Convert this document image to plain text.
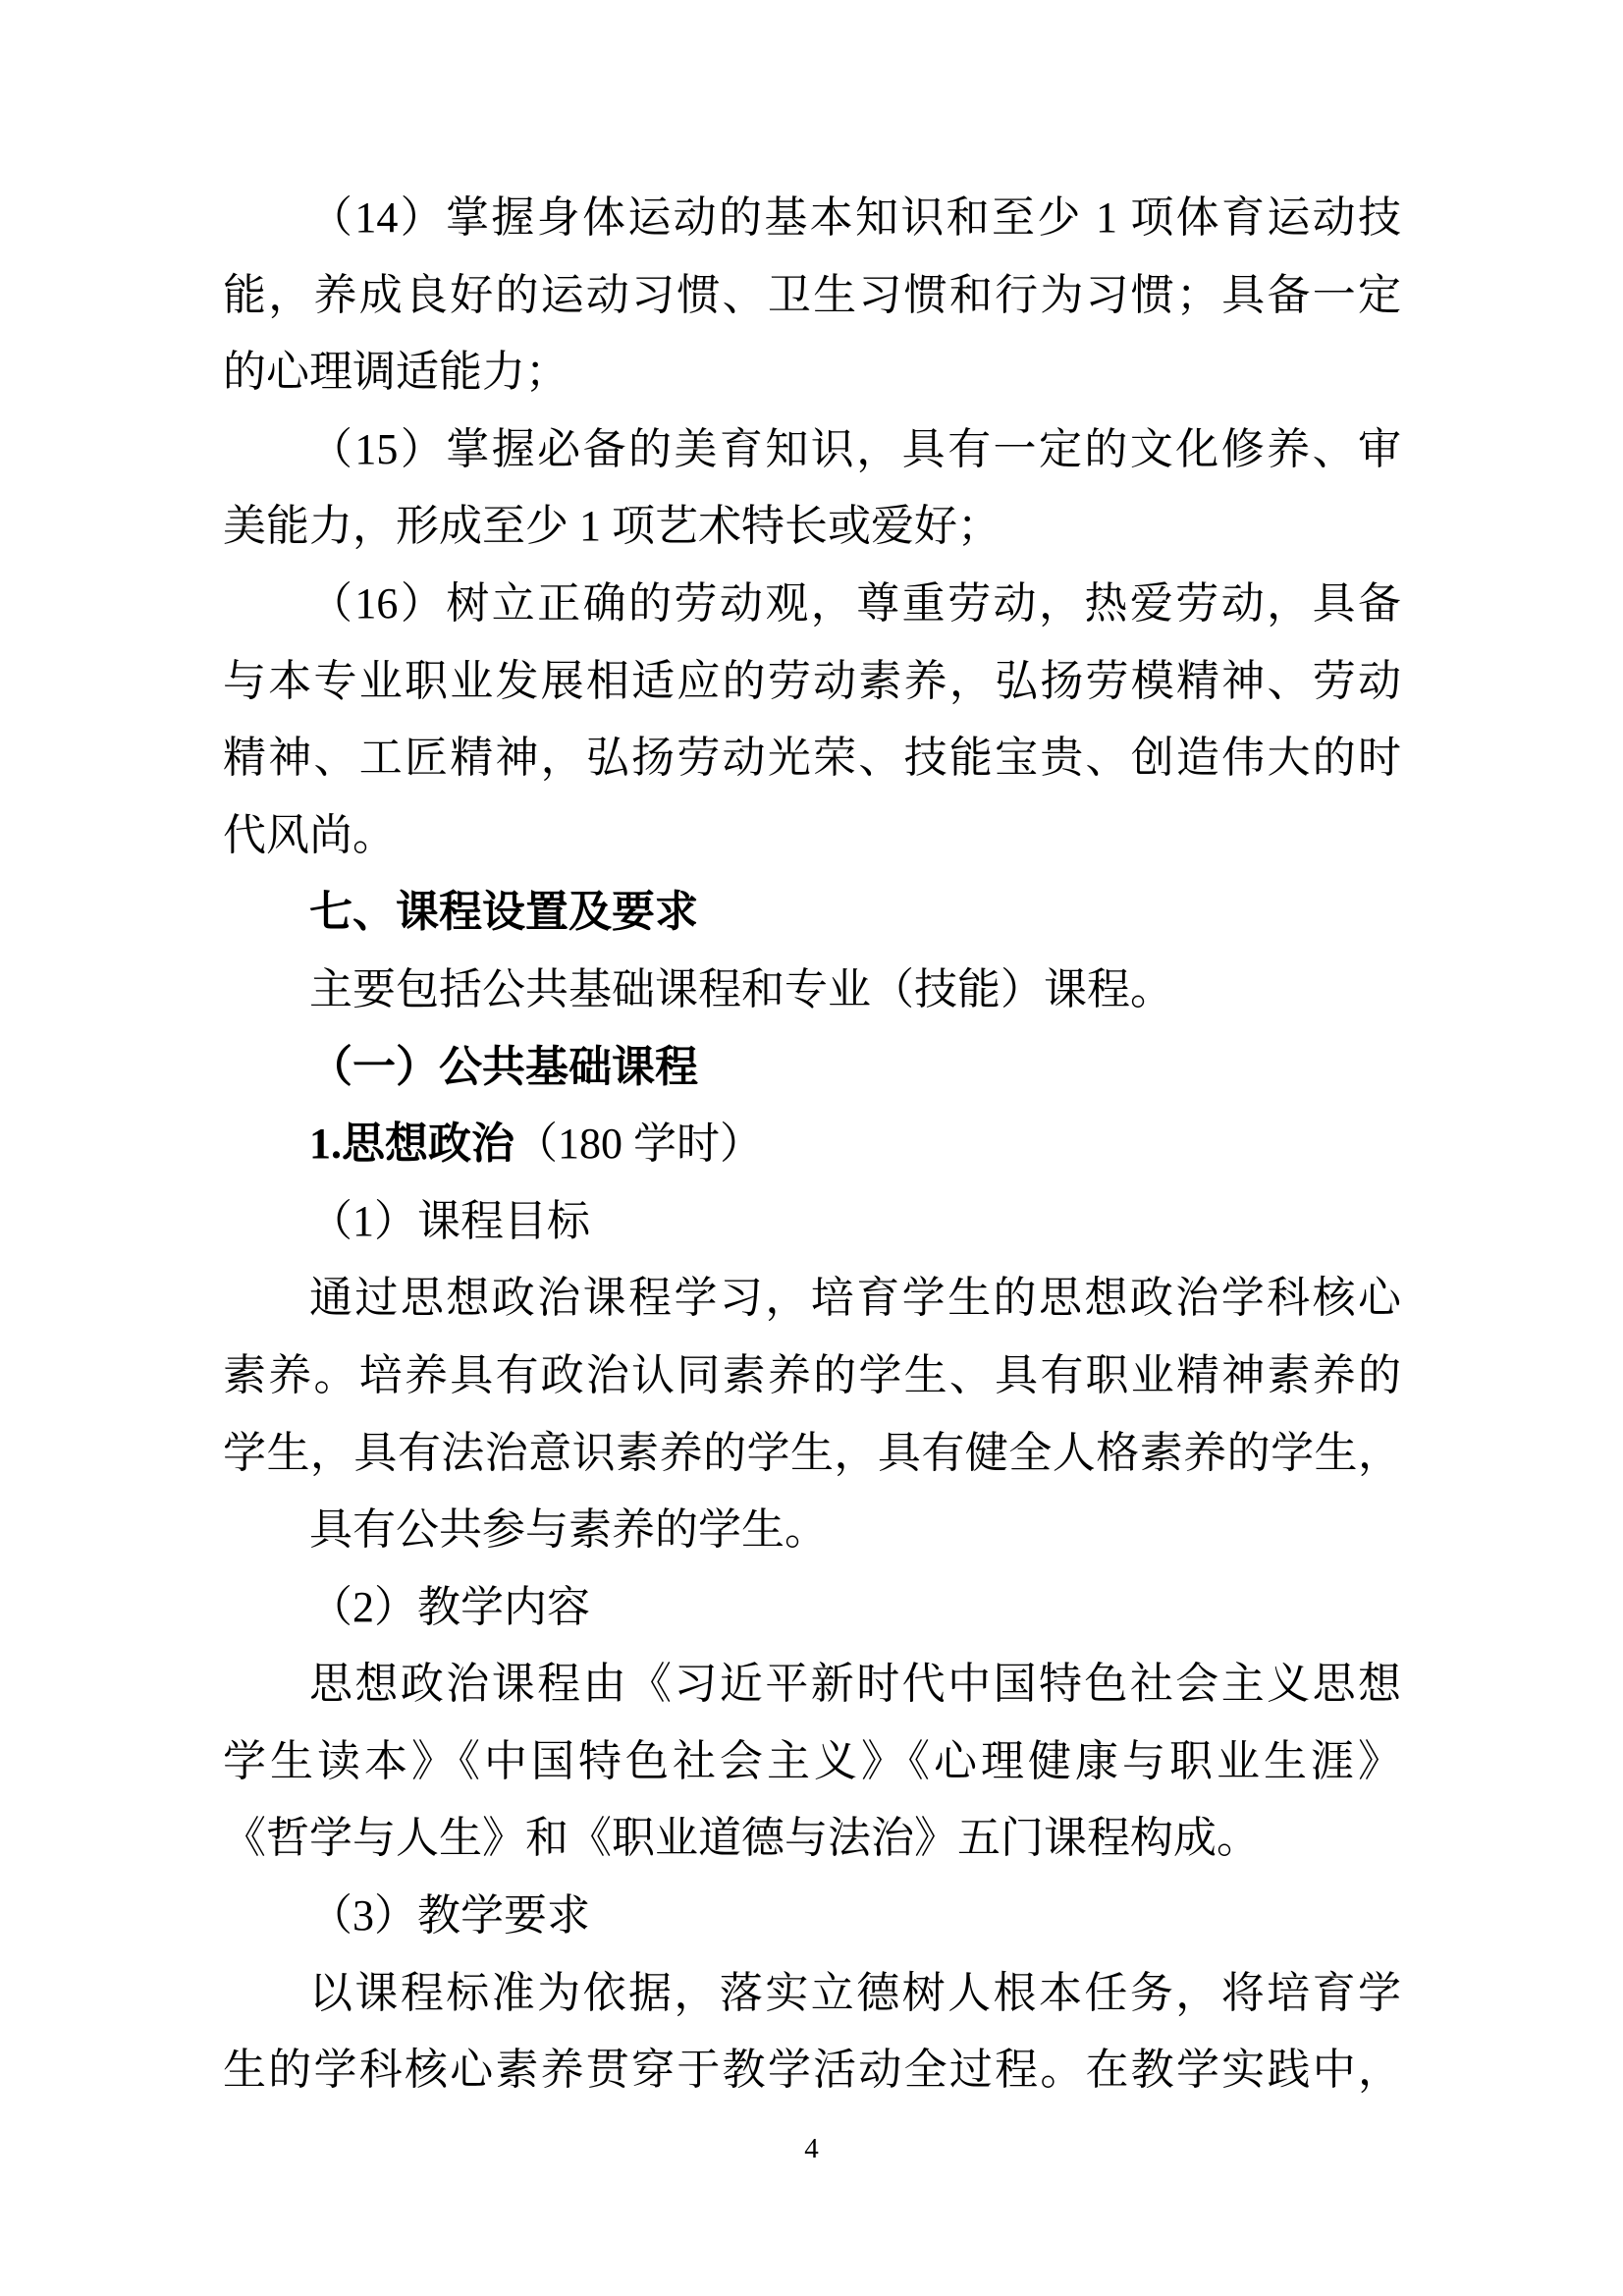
（14）掌握身体运动的基本知识和至少 1 项体育运动技
能，养成良好的运动习惯、卫生习惯和行为习惯；具备一定
的心理调适能力；
（15）掌握必备的美育知识，具有一定的文化修养、审
美能力，形成至少 1 项艺术特长或爱好；
（16）树立正确的劳动观，尊重劳动，热爱劳动，具备
与本专业职业发展相适应的劳动素养，弘扬劳模精神、劳动
精神、工匠精神，弘扬劳动光荣、技能宝贵、创造伟大的时
代风尚。
七、课程设置及要求
主要包括公共基础课程和专业（技能）课程。
（一）公共基础课程
1.思想政治（180 学时）
（1）课程目标
通过思想政治课程学习，培育学生的思想政治学科核心
素养。培养具有政治认同素养的学生、具有职业精神素养的
学生，具有法治意识素养的学生，具有健全人格素养的学生，
具有公共参与素养的学生。
（2）教学内容
思想政治课程由《习近平新时代中国特色社会主义思想
学生读本》《中国特色社会主义》《心理健康与职业生涯》
《哲学与人生》和《职业道德与法治》五门课程构成。
（3）教学要求
以课程标准为依据，落实立德树人根本任务，将培育学
生的学科核心素养贯穿于教学活动全过程。在教学实践中，
4
